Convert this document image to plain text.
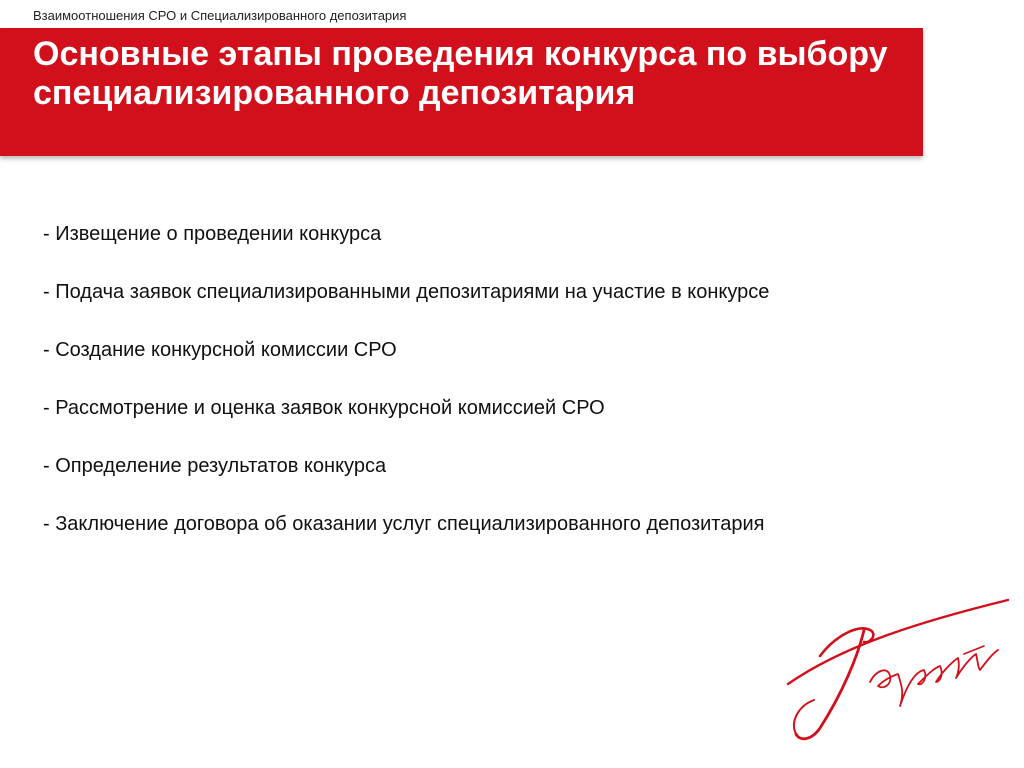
Взаимоотношения СРО и Специализированного депозитария
Основные этапы проведения конкурса по выбору специализированного депозитария
- Извещение о проведении конкурса
- Подача заявок специализированными депозитариями на участие в конкурсе
- Создание конкурсной комиссии СРО
- Рассмотрение и оценка заявок конкурсной комиссией СРО
- Определение результатов конкурса
- Заключение договора об оказании услуг специализированного депозитария
